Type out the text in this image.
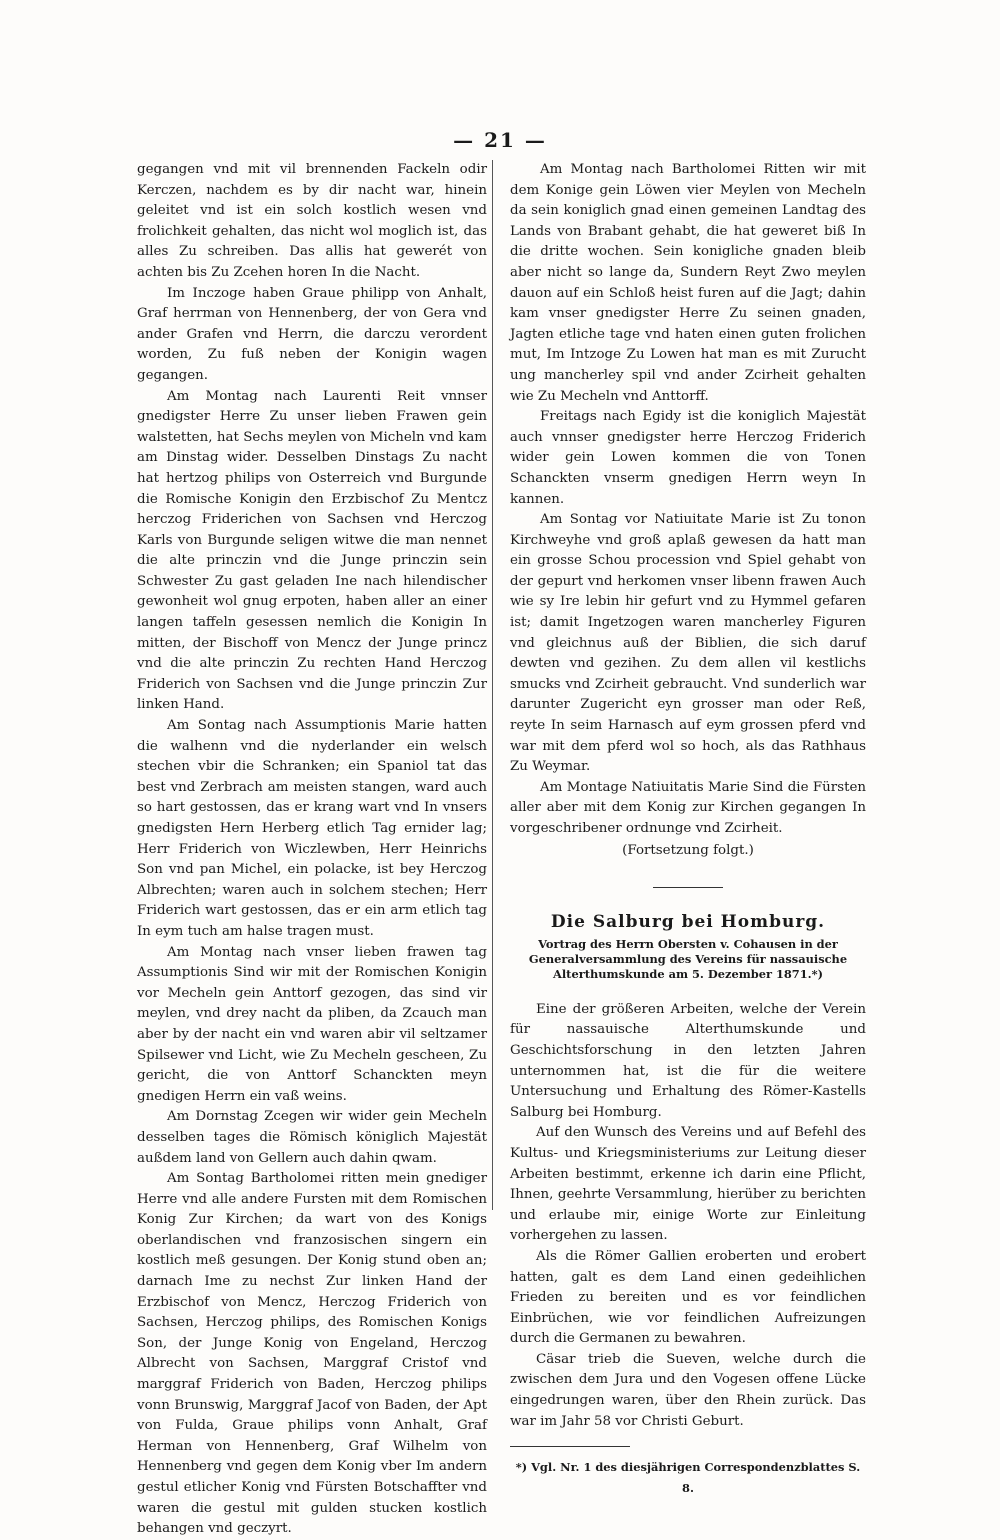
— 21 —

gegangen vnd mit vil brennenden Fackeln odir Kerczen, nachdem es by dir nacht war, hinein geleitet vnd ist ein solch kostlich wesen vnd frolichkeit gehalten, das nicht wol moglich ist, das alles Zu schreiben. Das allis hat gewerét von achten bis Zu Zcehen horen In die Nacht.

Im Inczoge haben Graue philipp von Anhalt, Graf herrman von Hennenberg, der von Gera vnd ander Grafen vnd Herrn, die darczu verordent worden, Zu fuß neben der Konigin wagen gegangen.

Am Montag nach Laurenti Reit vnnser gnedigster Herre Zu unser lieben Frawen gein walstetten, hat Sechs meylen von Micheln vnd kam am Dinstag wider. Desselben Dinstags Zu nacht hat hertzog philips von Osterreich vnd Burgunde die Romische Konigin den Erzbischof Zu Mentcz herczog Friderichen von Sachsen vnd Herczog Karls von Burgunde seligen witwe die man nennet die alte princzin vnd die Junge princzin sein Schwester Zu gast geladen Ine nach hilendischer gewonheit wol gnug erpoten, haben aller an einer langen taffeln gesessen nemlich die Konigin In mitten, der Bischoff von Mencz der Junge princz vnd die alte princzin Zu rechten Hand Herczog Friderich von Sachsen vnd die Junge princzin Zur linken Hand.

Am Sontag nach Assumptionis Marie hatten die walhenn vnd die nyderlander ein welsch stechen vbir die Schranken; ein Spaniol tat das best vnd Zerbrach am meisten stangen, ward auch so hart gestossen, das er krang wart vnd In vnsers gnedigsten Hern Herberg etlich Tag ernider lag; Herr Friderich von Wiczlewben, Herr Heinrichs Son vnd pan Michel, ein polacke, ist bey Herczog Albrechten; waren auch in solchem stechen; Herr Friderich wart gestossen, das er ein arm etlich tag In eym tuch am halse tragen must.

Am Montag nach vnser lieben frawen tag Assumptionis Sind wir mit der Romischen Konigin vor Mecheln gein Anttorf gezogen, das sind vir meylen, vnd drey nacht da pliben, da Zcauch man aber by der nacht ein vnd waren abir vil seltzamer Spilsewer vnd Licht, wie Zu Mecheln gescheen, Zu gericht, die von Anttorf Schanckten meyn gnedigen Herrn ein vaß weins.

Am Dornstag Zcegen wir wider gein Mecheln desselben tages die Römisch königlich Majestät außdem land von Gellern auch dahin qwam.

Am Sontag Bartholomei ritten mein gnediger Herre vnd alle andere Fursten mit dem Romischen Konig Zur Kirchen; da wart von des Konigs oberlandischen vnd franzosischen singern ein kostlich meß gesungen. Der Konig stund oben an; darnach Ime zu nechst Zur linken Hand der Erzbischof von Mencz, Herczog Friderich von Sachsen, Herczog philips, des Romischen Konigs Son, der Junge Konig von Engeland, Herczog Albrecht von Sachsen, Marggraf Cristof vnd marggraf Friderich von Baden, Herczog philips vonn Brunswig, Marggraf Jacof von Baden, der Apt von Fulda, Graue philips vonn Anhalt, Graf Herman von Hennenberg, Graf Wilhelm von Hennenberg vnd gegen dem Konig vber Im andern gestul etlicher Konig vnd Fürsten Botschaffter vnd waren die gestul mit gulden stucken kostlich behangen vnd geczyrt.

Am Montag nach Bartholomei Ritten wir mit dem Konige gein Löwen vier Meylen von Mecheln da sein koniglich gnad einen gemeinen Landtag des Lands von Brabant gehabt, die hat geweret biß In die dritte wochen. Sein konigliche gnaden bleib aber nicht so lange da, Sundern Reyt Zwo meylen dauon auf ein Schloß heist furen auf die Jagt; dahin kam vnser gnedigster Herre Zu seinen gnaden, Jagten etliche tage vnd haten einen guten frolichen mut, Im Intzoge Zu Lowen hat man es mit Zurucht ung mancherley spil vnd ander Zcirheit gehalten wie Zu Mecheln vnd Anttorff.

Freitags nach Egidy ist die koniglich Majestät auch vnnser gnedigster herre Herczog Friderich wider gein Lowen kommen die von Tonen Schanckten vnserm gnedigen Herrn weyn In kannen.

Am Sontag vor Natiuitate Marie ist Zu tonon Kirchweyhe vnd groß aplaß gewesen da hatt man ein grosse Schou procession vnd Spiel gehabt von der gepurt vnd herkomen vnser libenn frawen Auch wie sy Ire lebin hir gefurt vnd zu Hymmel gefaren ist; damit Ingetzogen waren mancherley Figuren vnd gleichnus auß der Biblien, die sich daruf dewten vnd gezihen. Zu dem allen vil kestlichs smucks vnd Zcirheit gebraucht. Vnd sunderlich war darunter Zugericht eyn grosser man oder Reß, reyte In seim Harnasch auf eym grossen pferd vnd war mit dem pferd wol so hoch, als das Rathhaus Zu Weymar.

Am Montage Natiuitatis Marie Sind die Fürsten aller aber mit dem Konig zur Kirchen gegangen In vorgeschribener ordnunge vnd Zcirheit.

(Fortsetzung folgt.)

Die Salburg bei Homburg.
Vortrag des Herrn Obersten v. Cohausen in der Generalversammlung des Vereins für nassauische Alterthumskunde am 5. Dezember 1871.*)

Eine der größeren Arbeiten, welche der Verein für nassauische Alterthumskunde und Geschichtsforschung in den letzten Jahren unternommen hat, ist die für die weitere Untersuchung und Erhaltung des Römer-Kastells Salburg bei Homburg.

Auf den Wunsch des Vereins und auf Befehl des Kultus- und Kriegsministeriums zur Leitung dieser Arbeiten bestimmt, erkenne ich darin eine Pflicht, Ihnen, geehrte Versammlung, hierüber zu berichten und erlaube mir, einige Worte zur Einleitung vorhergehen zu lassen.

Als die Römer Gallien eroberten und erobert hatten, galt es dem Land einen gedeihlichen Frieden zu bereiten und es vor feindlichen Einbrüchen, wie vor feindlichen Aufreizungen durch die Germanen zu bewahren.

Cäsar trieb die Sueven, welche durch die zwischen dem Jura und den Vogesen offene Lücke eingedrungen waren, über den Rhein zurück. Das war im Jahr 58 vor Christi Geburt.

*) Vgl. Nr. 1 des diesjährigen Correspondenzblattes S. 8.
